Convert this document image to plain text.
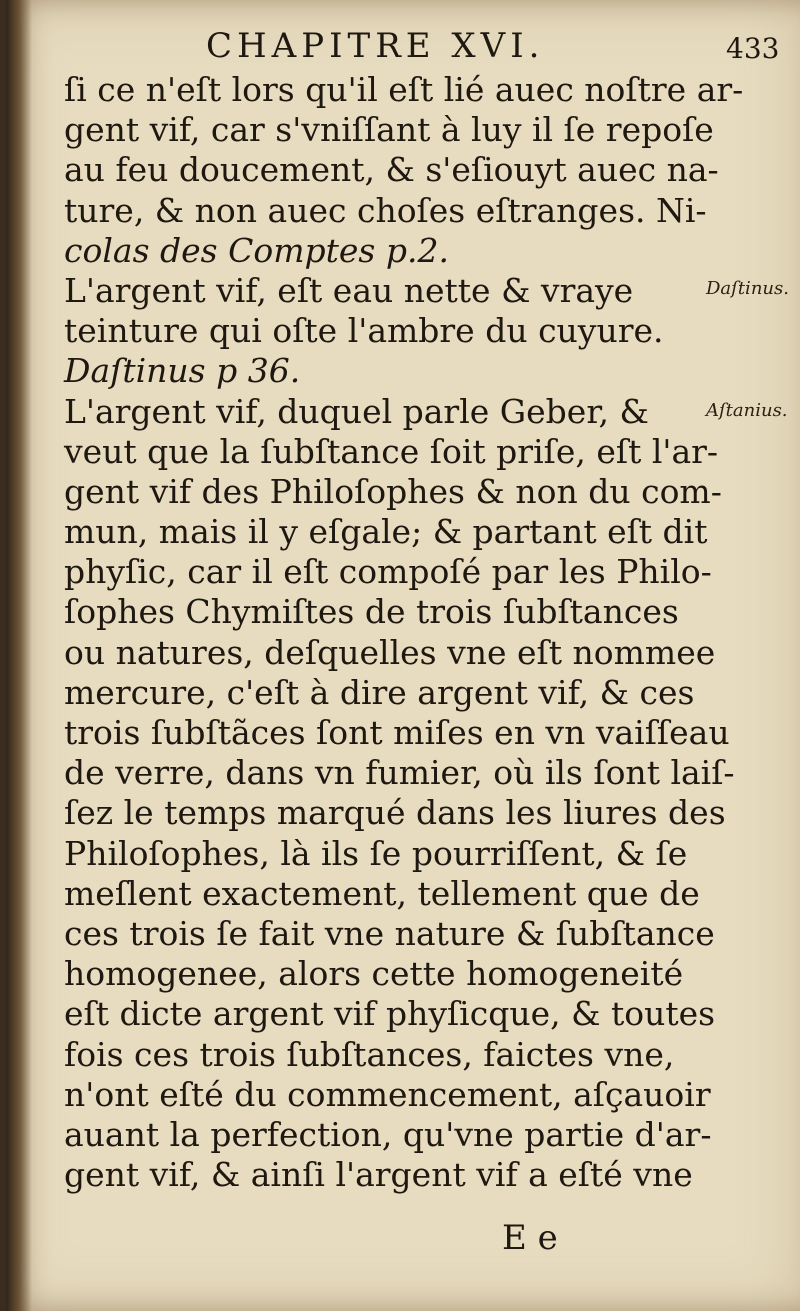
CHAPITRE XVI.	433
ſi ce n'eſt lors qu'il eſt lié auec noſtre ar-
gent vif, car s'vniſſant à luy il ſe repoſe
au feu doucement, & s'eſiouyt auec na-
ture, & non auec choſes eſtranges. Ni-
colas des Comptes p.2.
L'argent vif, eſt eau nette & vraye
teinture qui oſte l'ambre du cuyure.
Daſtinus p 36.
L'argent vif, duquel parle Geber, &
veut que la ſubſtance ſoit priſe, eſt l'ar-
gent vif des Philoſophes & non du com-
mun, mais il y eſgale; & partant eſt dit
phyſic, car il eſt compoſé par les Philo-
ſophes Chymiſtes de trois ſubſtances
ou natures, deſquelles vne eſt nommee
mercure, c'eſt à dire argent vif, & ces
trois ſubſtãces ſont miſes en vn vaiſſeau
de verre, dans vn fumier, où ils ſont laiſ-
ſez le temps marqué dans les liures des
Philoſophes, là ils ſe pourriſſent, & ſe
meſlent exactement, tellement que de
ces trois ſe fait vne nature & ſubſtance
homogenee, alors cette homogeneité
eſt dicte argent vif phyſicque, & toutes
fois ces trois ſubſtances, faictes vne,
n'ont eſté du commencement, aſçauoir
auant la perfection, qu'vne partie d'ar-
gent vif, & ainſi l'argent vif a eſté vne
Daſtinus.
Aſtanius.
E e
